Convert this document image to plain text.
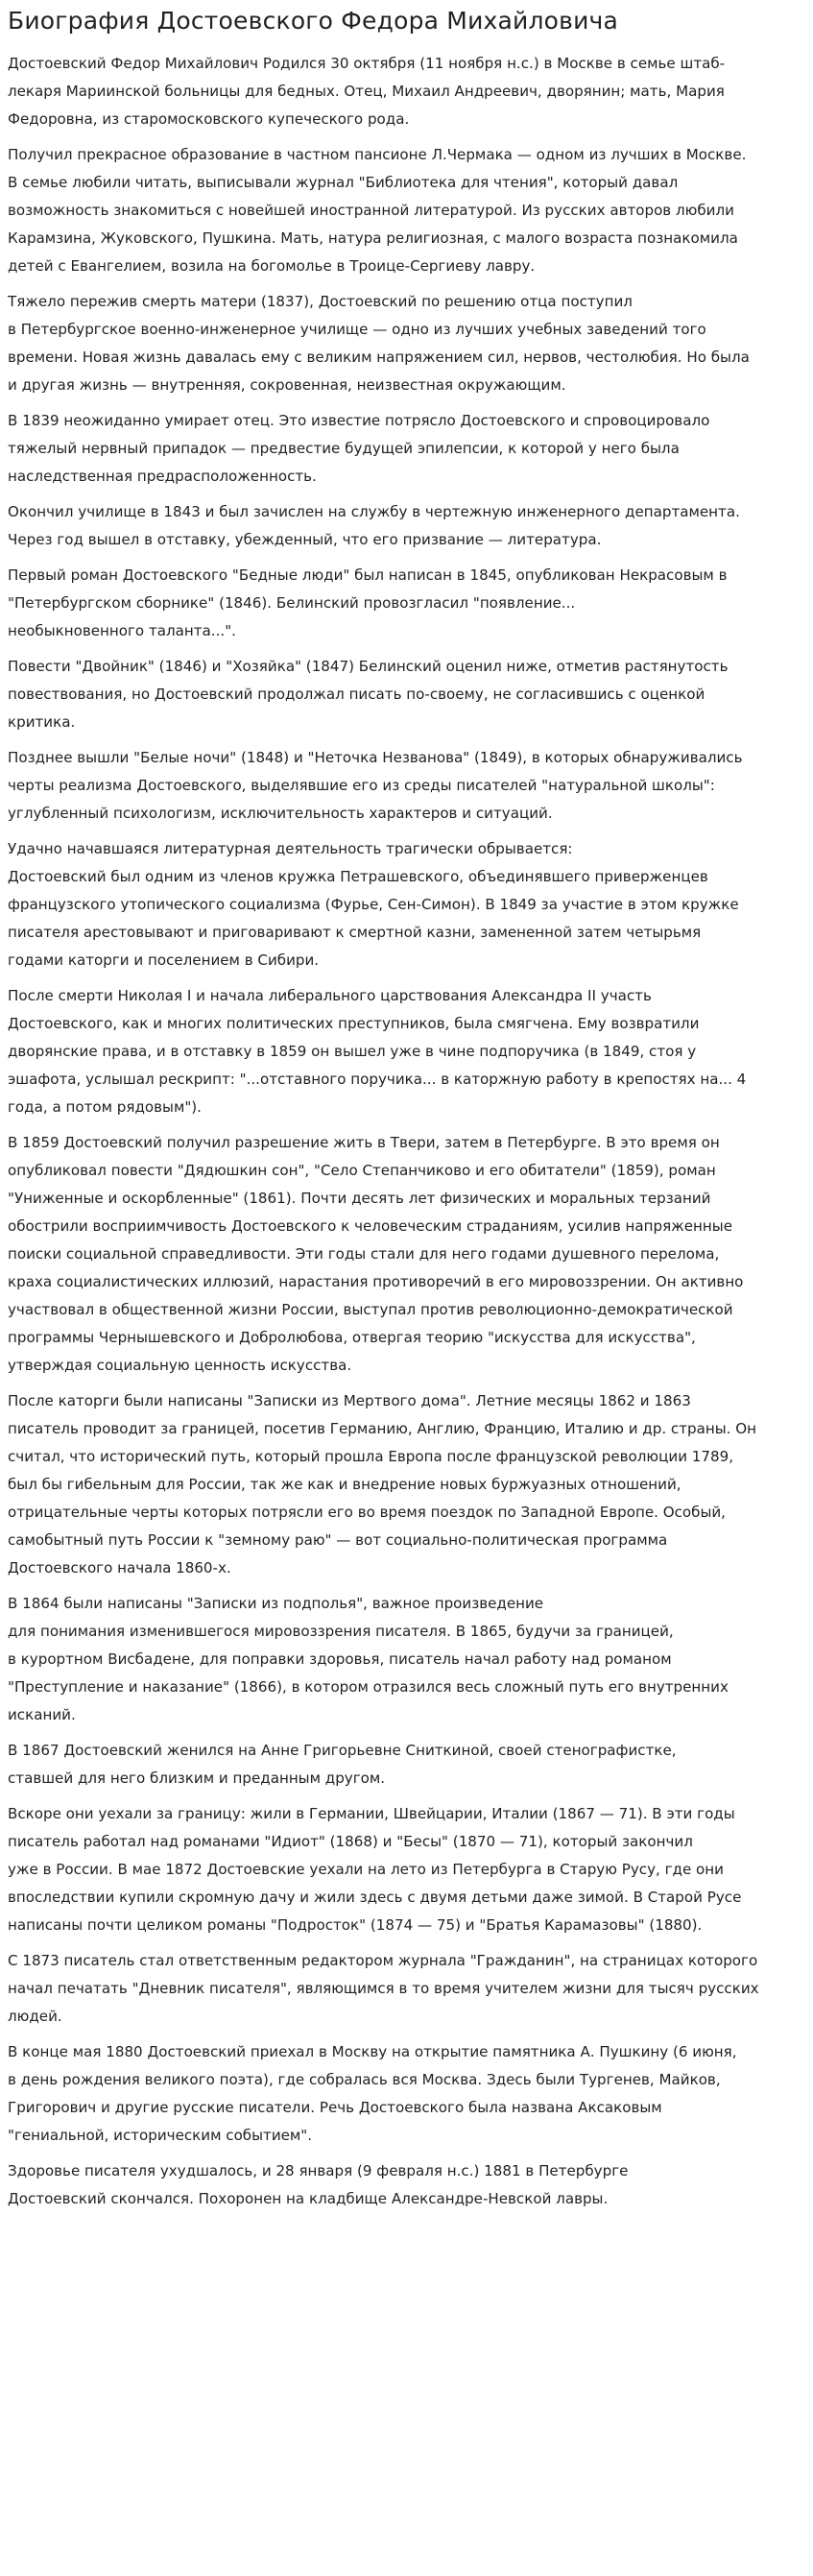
Биография Достоевского Федора Михайловича

Достоевский Федор Михайлович Родился 30 октября (11 ноября н.с.) в Москве в семье штаб-
лекаря Мариинской больницы для бедных. Отец, Михаил Андреевич, дворянин; мать, Мария
Федоровна, из старомосковского купеческого рода.

Получил прекрасное образование в частном пансионе Л.Чермака — одном из лучших в Москве.
В семье любили читать, выписывали журнал "Библиотека для чтения", который давал
возможность знакомиться с новейшей иностранной литературой. Из русских авторов любили
Карамзина, Жуковского, Пушкина. Мать, натура религиозная, с малого возраста познакомила
детей с Евангелием, возила на богомолье в Троице-Сергиеву лавру.

Тяжело пережив смерть матери (1837), Достоевский по решению отца поступил
в Петербургское военно-инженерное училище — одно из лучших учебных заведений того
времени. Новая жизнь давалась ему с великим напряжением сил, нервов, честолюбия. Но была
и другая жизнь — внутренняя, сокровенная, неизвестная окружающим.

В 1839 неожиданно умирает отец. Это известие потрясло Достоевского и спровоцировало
тяжелый нервный припадок — предвестие будущей эпилепсии, к которой у него была
наследственная предрасположенность.

Окончил училище в 1843 и был зачислен на службу в чертежную инженерного департамента.
Через год вышел в отставку, убежденный, что его призвание — литература.

Первый роман Достоевского "Бедные люди" был написан в 1845, опубликован Некрасовым в
"Петербургском сборнике" (1846). Белинский провозгласил "появление...
необыкновенного таланта...".

Повести "Двойник" (1846) и "Хозяйка" (1847) Белинский оценил ниже, отметив растянутость
повествования, но Достоевский продолжал писать по-своему, не согласившись с оценкой
критика.

Позднее вышли "Белые ночи" (1848) и "Неточка Незванова" (1849), в которых обнаруживались
черты реализма Достоевского, выделявшие его из среды писателей "натуральной школы":
углубленный психологизм, исключительность характеров и ситуаций.

Удачно начавшаяся литературная деятельность трагически обрывается:
Достоевский был одним из членов кружка Петрашевского, объединявшего приверженцев
французского утопического социализма (Фурье, Сен-Симон). В 1849 за участие в этом кружке
писателя арестовывают и приговаривают к смертной казни, замененной затем четырьмя
годами каторги и поселением в Сибири.

После смерти Николая I и начала либерального царствования Александра II участь
Достоевского, как и многих политических преступников, была смягчена. Ему возвратили
дворянские права, и в отставку в 1859 он вышел уже в чине подпоручика (в 1849, стоя у
эшафота, услышал рескрипт: "...отставного поручика... в каторжную работу в крепостях на... 4
года, а потом рядовым").

В 1859 Достоевский получил разрешение жить в Твери, затем в Петербурге. В это время он
опубликовал повести "Дядюшкин сон", "Село Степанчиково и его обитатели" (1859), роман
"Униженные и оскорбленные" (1861). Почти десять лет физических и моральных терзаний
обострили восприимчивость Достоевского к человеческим страданиям, усилив напряженные
поиски социальной справедливости. Эти годы стали для него годами душевного перелома,
краха социалистических иллюзий, нарастания противоречий в его мировоззрении. Он активно
участвовал в общественной жизни России, выступал против революционно-демократической
программы Чернышевского и Добролюбова, отвергая теорию "искусства для искусства",
утверждая социальную ценность искусства.

После каторги были написаны "Записки из Мертвого дома". Летние месяцы 1862 и 1863
писатель проводит за границей, посетив Германию, Англию, Францию, Италию и др. страны. Он
считал, что исторический путь, который прошла Европа после французской революции 1789,
был бы гибельным для России, так же как и внедрение новых буржуазных отношений,
отрицательные черты которых потрясли его во время поездок по Западной Европе. Особый,
самобытный путь России к "земному раю" — вот социально-политическая программа
Достоевского начала 1860-х.

В 1864 были написаны "Записки из подполья", важное произведение
для понимания изменившегося мировоззрения писателя. В 1865, будучи за границей,
в курортном Висбадене, для поправки здоровья, писатель начал работу над романом
"Преступление и наказание" (1866), в котором отразился весь сложный путь его внутренних
исканий.

В 1867 Достоевский женился на Анне Григорьевне Сниткиной, своей стенографистке,
ставшей для него близким и преданным другом.

Вскоре они уехали за границу: жили в Германии, Швейцарии, Италии (1867 — 71). В эти годы
писатель работал над романами "Идиот" (1868) и "Бесы" (1870 — 71), который закончил
уже в России. В мае 1872 Достоевские уехали на лето из Петербурга в Старую Русу, где они
впоследствии купили скромную дачу и жили здесь с двумя детьми даже зимой. В Старой Русе
написаны почти целиком романы "Подросток" (1874 — 75) и "Братья Карамазовы" (1880).

С 1873 писатель стал ответственным редактором журнала "Гражданин", на страницах которого
начал печатать "Дневник писателя", являющимся в то время учителем жизни для тысяч русских
людей.

В конце мая 1880 Достоевский приехал в Москву на открытие памятника А. Пушкину (6 июня,
в день рождения великого поэта), где собралась вся Москва. Здесь были Тургенев, Майков,
Григорович и другие русские писатели. Речь Достоевского была названа Аксаковым
"гениальной, историческим событием".

Здоровье писателя ухудшалось, и 28 января (9 февраля н.с.) 1881 в Петербурге
Достоевский скончался. Похоронен на кладбище Александре-Невской лавры.
